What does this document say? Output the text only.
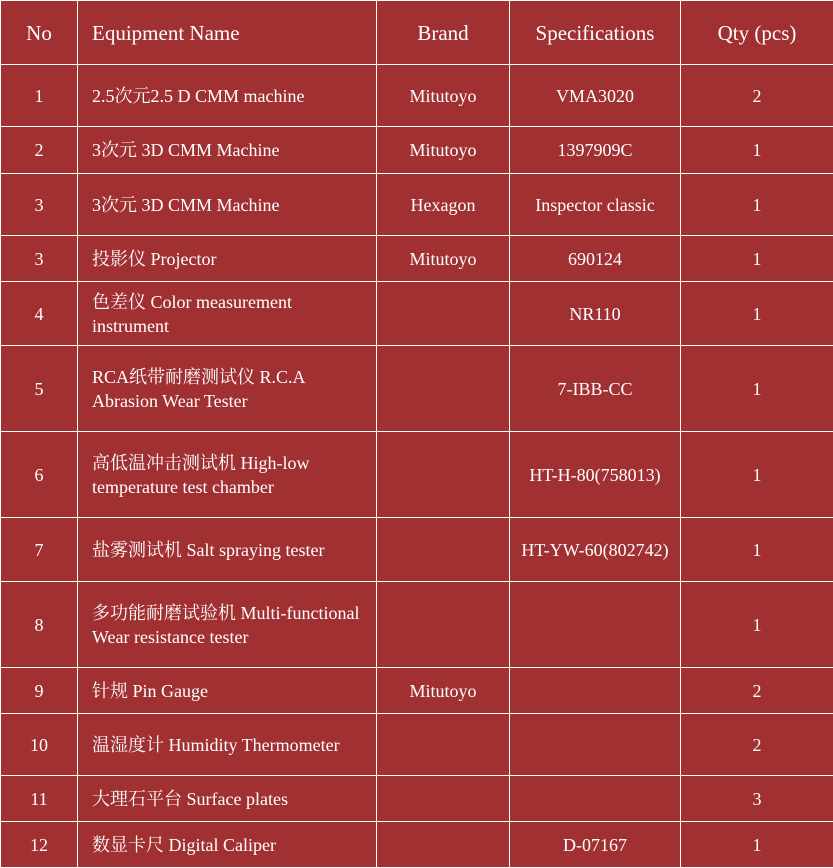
No	Equipment Name	Brand	Specifications	Qty (pcs)
1	2.5次元2.5 D CMM machine	Mitutoyo	VMA3020	2
2	3次元 3D CMM Machine	Mitutoyo	1397909C	1
3	3次元 3D CMM Machine	Hexagon	Inspector classic	1
3	投影仪 Projector	Mitutoyo	690124	1
4	色差仪 Color measurement instrument		NR110	1
5	RCA纸带耐磨测试仪 R.C.A Abrasion Wear Tester		7-IBB-CC	1
6	高低温冲击测试机 High-low temperature test chamber		HT-H-80(758013)	1
7	盐雾测试机 Salt spraying tester		HT-YW-60(802742)	1
8	多功能耐磨试验机 Multi-functional Wear resistance tester			1
9	针规 Pin Gauge	Mitutoyo		2
10	温湿度计 Humidity Thermometer			2
11	大理石平台 Surface plates			3
12	数显卡尺 Digital Caliper		D-07167	1
